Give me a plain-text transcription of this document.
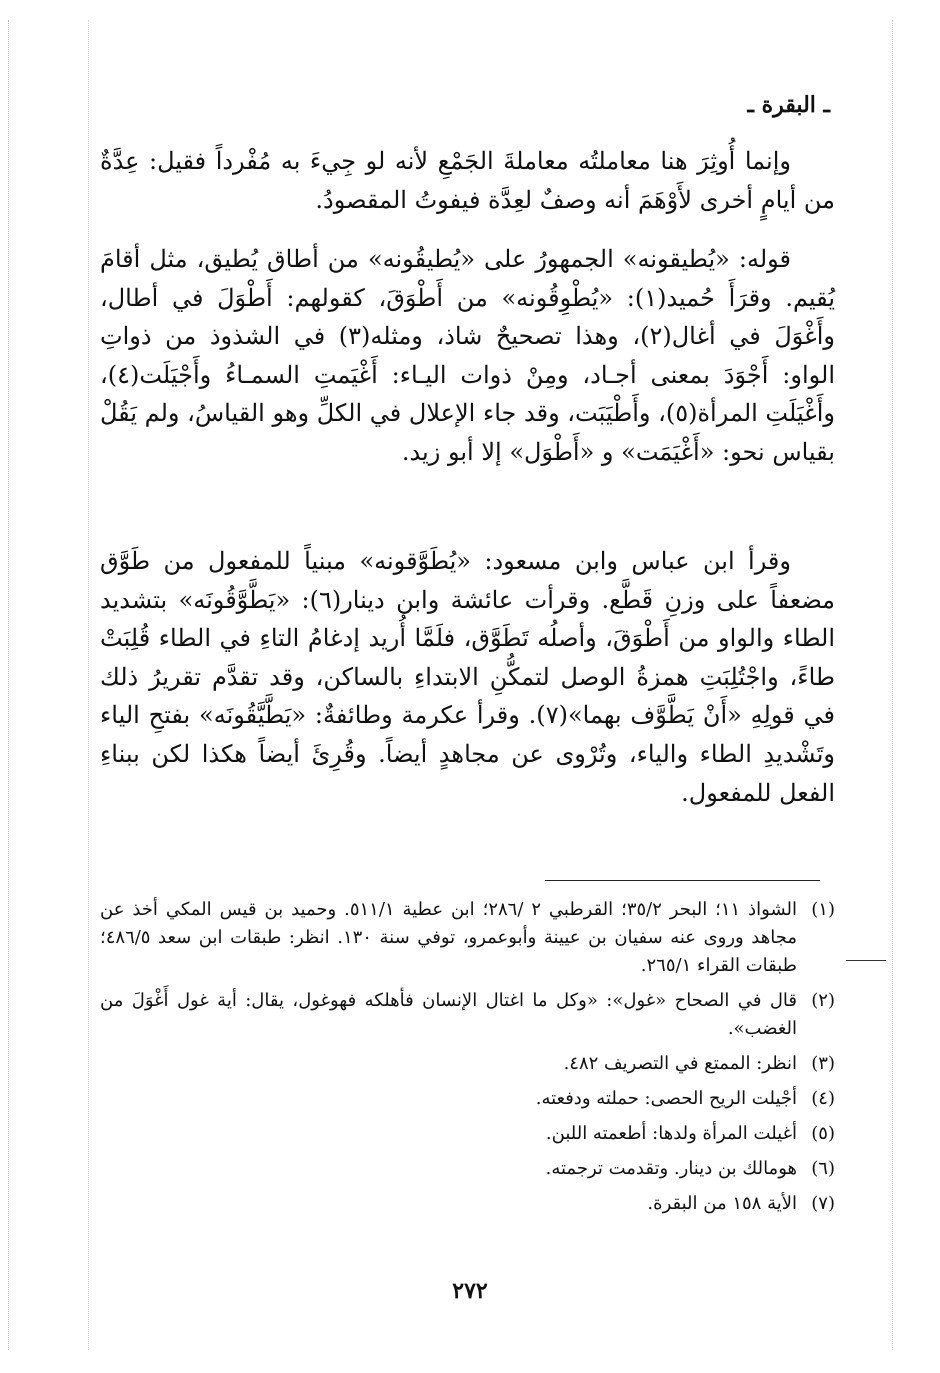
ـ البقرة ـ

وإنما أُوثِرَ هنا معاملتُه معاملةَ الجَمْعِ لأنه لو جِيءَ به مُفْرداً فقيل: عِدَّةٌ من أيامٍ أخرى لأَوْهَمَ أنه وصفٌ لعِدَّة فيفوتُ المقصودُ.

قوله: «يُطيقونه» الجمهورُ على «يُطيقُونه» من أطاق يُطيق، مثل أقامَ يُقيم. وقرَأَ حُميد(١): «يُطْوِقُونه» من أَطْوَقَ، كقولهم: أَطْوَلَ في أطال، وأَغْوَلَ في أغال(٢)، وهذا تصحيحٌ شاذ، ومثله(٣) في الشذوذ من ذواتِ الواو: أَجْوَدَ بمعنى أجـاد، ومِنْ ذوات اليـاء: أَغْيَمتِ السمـاءُ وأَجْيَلَت(٤)، وأَغْيَلَتِ المرأة(٥)، وأَطْيَبَت، وقد جاء الإعلال في الكلِّ وهو القياسُ، ولم يَقُلْ بقياس نحو: «أَغْيَمَت» و «أَطْوَل» إلا أبو زيد.

وقرأ ابن عباس وابن مسعود: «يُطَوَّقونه» مبنياً للمفعول من طَوَّق مضعفاً على وزنِ قَطَّع. وقرأت عائشة وابن دينار(٦): «يَطَّوَّقُونَه» بتشديد الطاء والواو من أَطْوَقَ، وأصلُه تَطَوَّق، فلَمَّا أُريد إدغامُ التاءِ في الطاء قُلِبَتْ طاءً، واجْتُلِبَتِ همزةُ الوصل لتمكُّنِ الابتداءِ بالساكن، وقد تقدَّم تقريرُ ذلك في قولِهِ «أَنْ يَطَّوَّف بهما»(٧). وقرأ عكرمة وطائفةٌ: «يَطَّيَّقُونَه» بفتحِ الياء وتَشْديدِ الطاء والياء، وتُرْوى عن مجاهدٍ أيضاً. وقُرِئَ أيضاً هكذا لكن ببناءِ الفعل للمفعول.

(١)
الشواذ ١١؛ البحر ٣٥/٢؛ القرطبي ٢ /٢٨٦؛ ابن عطية ٥١١/١. وحميد بن قيس المكي أخذ عن مجاهد وروى عنه سفيان بن عيينة وأبوعمرو، توفي سنة ١٣٠. انظر: طبقات ابن سعد ٤٨٦/٥؛ طبقات القراء ٢٦٥/١.
(٢)
قال في الصحاح «غول»: «وكل ما اغتال الإنسان فأهلكه فهوغول، يقال: أية غول أَغْوَلَ من الغضب».
(٣)
انظر: الممتع في التصريف ٤٨٢.
(٤)
أجْيلت الريح الحصى: حملته ودفعته.
(٥)
أغيلت المرأة ولدها: أطعمته اللبن.
(٦)
هومالك بن دينار. وتقدمت ترجمته.
(٧)
الأية ١٥٨ من البقرة.
٢٧٢
